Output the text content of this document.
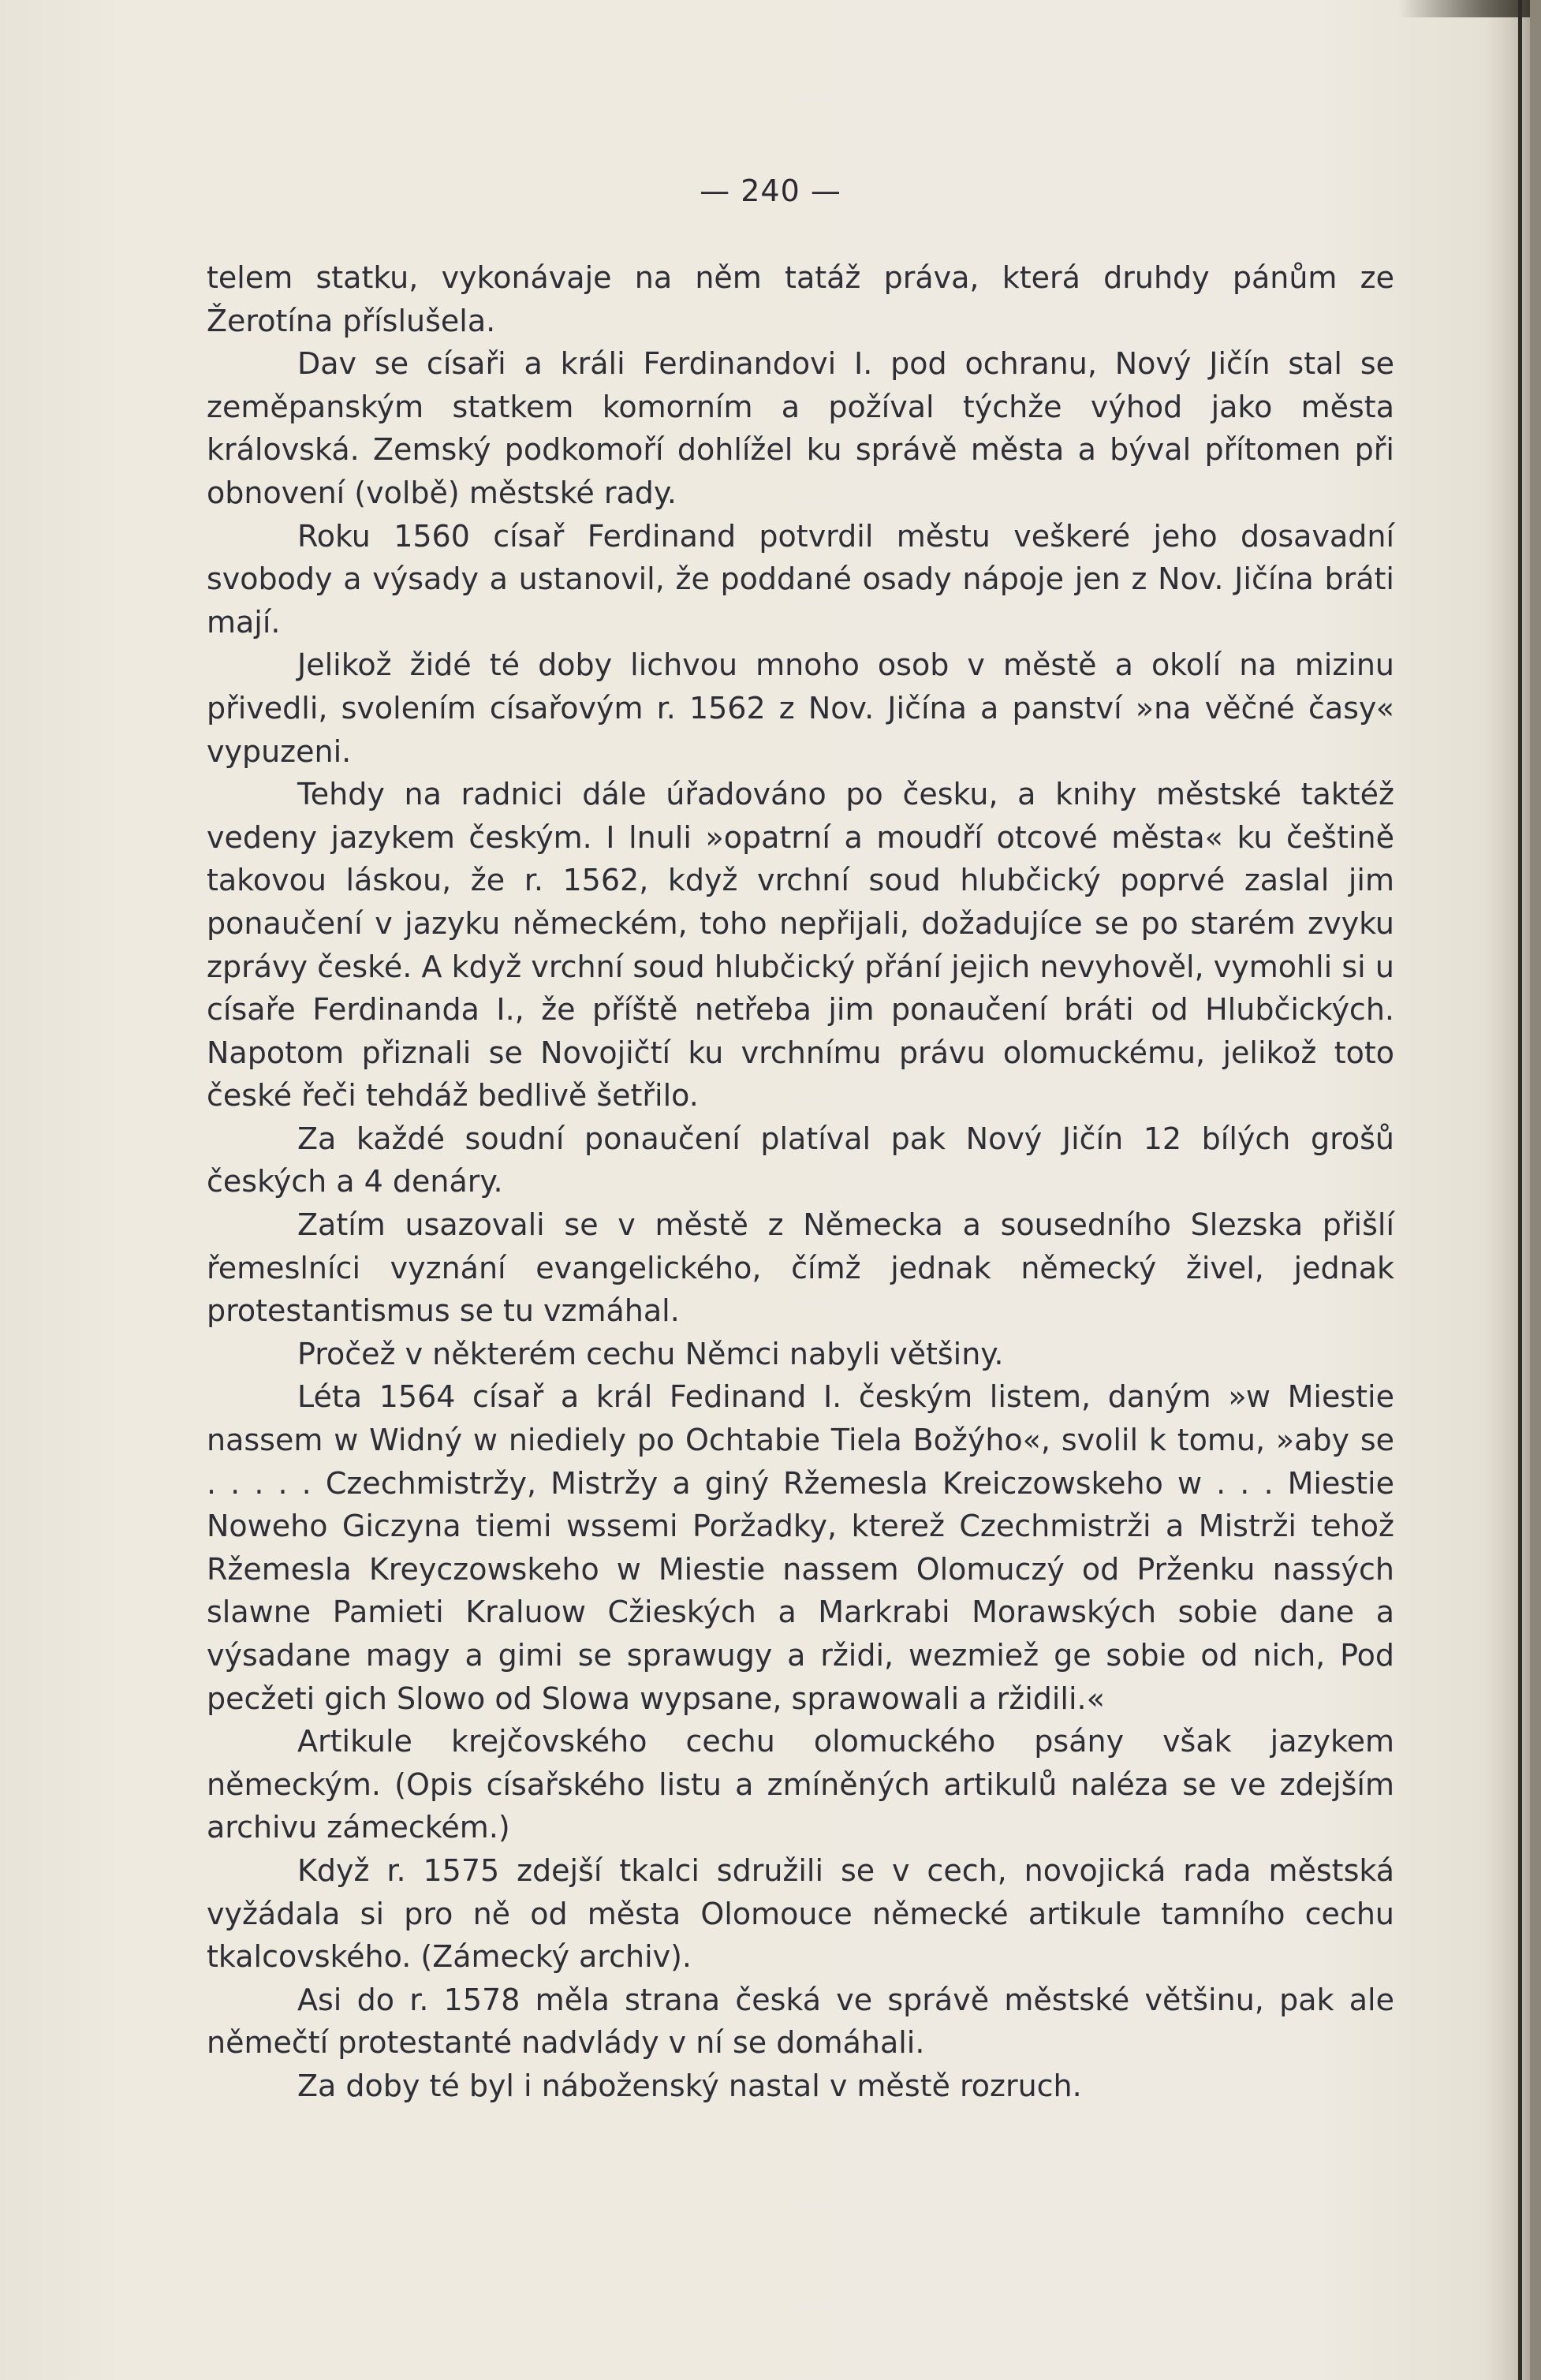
— 240 —

telem statku, vykonávaje na něm tatáž práva, která druhdy pánům ze Žerotína příslušela.

Dav se císaři a králi Ferdinandovi I. pod ochranu, Nový Jičín stal se zeměpanským statkem komorním a požíval týchže výhod jako města královská. Zemský podkomoří dohlížel ku správě města a býval přítomen při obnovení (volbě) městské rady.

Roku 1560 císař Ferdinand potvrdil městu veškeré jeho dosavadní svobody a výsady a ustanovil, že poddané osady nápoje jen z Nov. Jičína bráti mají.

Jelikož židé té doby lichvou mnoho osob v městě a okolí na mizinu přivedli, svolením císařovým r. 1562 z Nov. Jičína a panství »na věčné časy« vypuzeni.

Tehdy na radnici dále úřadováno po česku, a knihy městské taktéž vedeny jazykem českým. I lnuli »opatrní a moudří otcové města« ku češtině takovou láskou, že r. 1562, když vrchní soud hlubčický poprvé zaslal jim ponaučení v jazyku německém, toho nepřijali, dožadujíce se po starém zvyku zprávy české. A když vrchní soud hlubčický přání jejich nevyhověl, vymohli si u císaře Ferdinanda I., že příště netřeba jim ponaučení bráti od Hlubčických. Napotom přiznali se Novojičtí ku vrchnímu právu olomuckému, jelikož toto české řeči tehdáž bedlivě šetřilo.

Za každé soudní ponaučení platíval pak Nový Jičín 12 bílých grošů českých a 4 denáry.

Zatím usazovali se v městě z Německa a sousedního Slezska přišlí řemeslníci vyznání evangelického, čímž jednak německý živel, jednak protestantismus se tu vzmáhal.

Pročež v některém cechu Němci nabyli většiny.

Léta 1564 císař a král Fedinand I. českým listem, daným »w Miestie nassem w Widný w niediely po Ochtabie Tiela Božýho«, svolil k tomu, »aby se . . . . . Czechmistržy, Mistržy a giný Ržemesla Kreiczowskeho w . . . Miestie Noweho Giczyna tiemi wssemi Poržadky, kterež Czechmistrži a Mistrži tehož Ržemesla Kreyczowskeho w Miestie nassem Olomuczý od Prženku nassých slawne Pamieti Kraluow Cžieských a Markrabi Morawských sobie dane a výsadane magy a gimi se sprawugy a ržidi, wezmiež ge sobie od nich, Pod pecžeti gich Slowo od Slowa wypsane, sprawowali a ržidili.«

Artikule krejčovského cechu olomuckého psány však jazykem německým. (Opis císařského listu a zmíněných artikulů naléza se ve zdejším archivu zámeckém.)

Když r. 1575 zdejší tkalci sdružili se v cech, novojická rada městská vyžádala si pro ně od města Olomouce německé artikule tamního cechu tkalcovského. (Zámecký archiv).

Asi do r. 1578 měla strana česká ve správě městské většinu, pak ale němečtí protestanté nadvlády v ní se domáhali.

Za doby té byl i náboženský nastal v městě rozruch.
